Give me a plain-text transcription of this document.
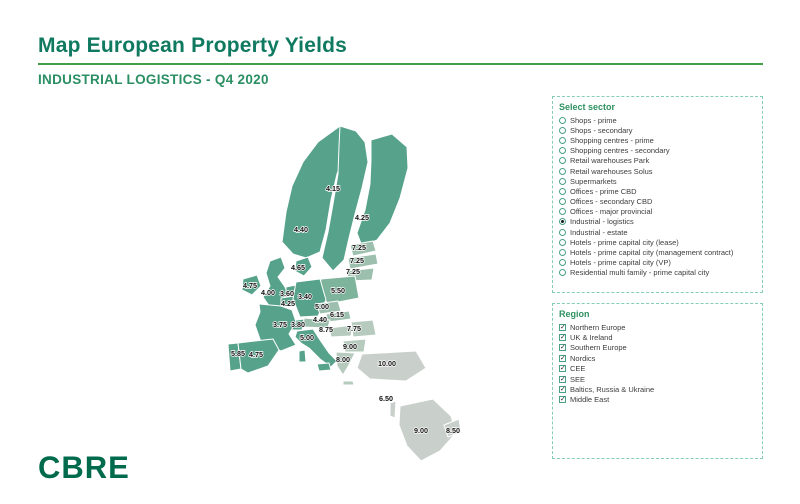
Map European Property Yields
INDUSTRIAL LOGISTICS - Q4 2020
4.40
4.15
4.25
4.65
7.25
7.25
7.25
5.50
4.75
4.00 3.60 3.40
4.25	5.00
6.15
4.40
3.80
3.75
8.75 7.75
5.00
9.00
8.00	10.00
5.85 4.75
6.50
9.00	8.50
Select sector
Shops - prime
Shops - secondary
Shopping centres - prime
Shopping centres - secondary
Retail warehouses Park
Retail warehouses Solus
Supermarkets
Offices - prime CBD
Offices - secondary CBD
Offices - major provincial
Industrial - logistics
Industrial - estate
Hotels - prime capital city (lease)
Hotels - prime capital city (management contract)
Hotels - prime capital city (VP)
Residential multi family - prime capital city
Region
✓ Northern Europe
✓ UK & Ireland
✓ Southern Europe
✓ Nordics
✓ CEE
✓ SEE
✓ Baltics, Russia & Ukraine
✓ Middle East
CBRE
